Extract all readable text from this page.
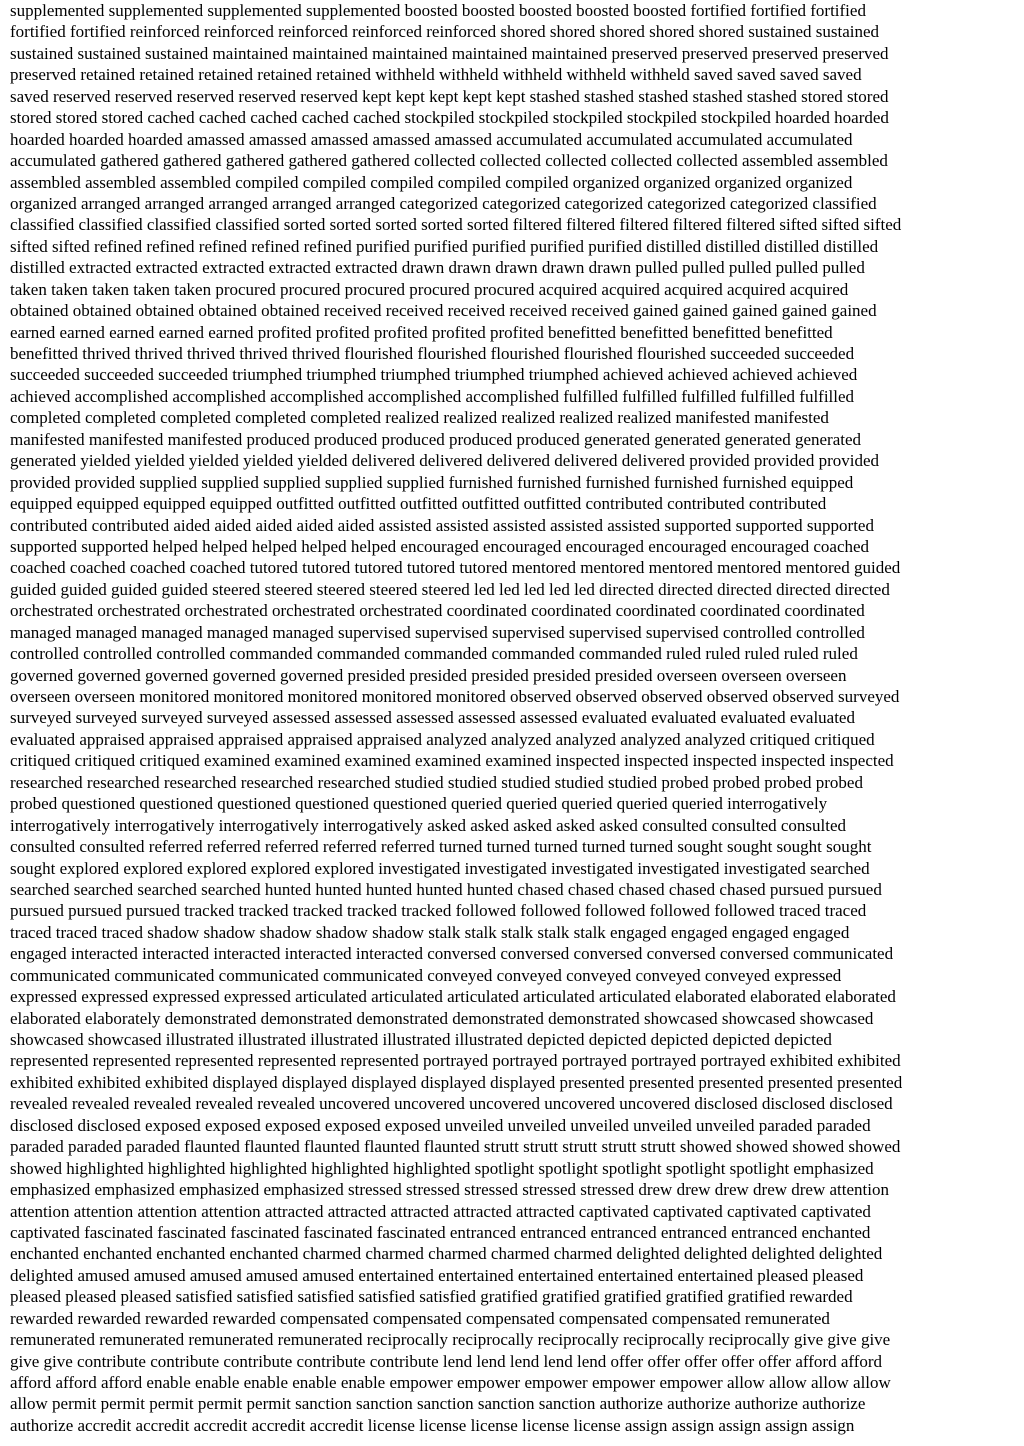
supplemented supplemented supplemented supplemented boosted boosted boosted boosted boosted fortified fortified fortified
fortified fortified reinforced reinforced reinforced reinforced reinforced shored shored shored shored shored sustained sustained
sustained sustained sustained maintained maintained maintained maintained maintained preserved preserved preserved preserved
preserved retained retained retained retained retained withheld withheld withheld withheld withheld saved saved saved saved
saved reserved reserved reserved reserved reserved kept kept kept kept kept stashed stashed stashed stashed stashed stored stored
stored stored stored cached cached cached cached cached stockpiled stockpiled stockpiled stockpiled stockpiled hoarded hoarded
hoarded hoarded hoarded amassed amassed amassed amassed amassed accumulated accumulated accumulated accumulated
accumulated gathered gathered gathered gathered gathered collected collected collected collected collected assembled assembled
assembled assembled assembled compiled compiled compiled compiled compiled organized organized organized organized
organized arranged arranged arranged arranged arranged categorized categorized categorized categorized categorized classified
classified classified classified classified sorted sorted sorted sorted sorted filtered filtered filtered filtered filtered sifted sifted sifted
sifted sifted refined refined refined refined refined purified purified purified purified purified distilled distilled distilled distilled
distilled extracted extracted extracted extracted extracted drawn drawn drawn drawn drawn pulled pulled pulled pulled pulled
taken taken taken taken taken procured procured procured procured procured acquired acquired acquired acquired acquired
obtained obtained obtained obtained obtained received received received received received gained gained gained gained gained
earned earned earned earned earned profited profited profited profited profited benefitted benefitted benefitted benefitted
benefitted thrived thrived thrived thrived thrived flourished flourished flourished flourished flourished succeeded succeeded
succeeded succeeded succeeded triumphed triumphed triumphed triumphed triumphed achieved achieved achieved achieved
achieved accomplished accomplished accomplished accomplished accomplished fulfilled fulfilled fulfilled fulfilled fulfilled
completed completed completed completed completed realized realized realized realized realized manifested manifested
manifested manifested manifested produced produced produced produced produced generated generated generated generated
generated yielded yielded yielded yielded yielded delivered delivered delivered delivered delivered provided provided provided
provided provided supplied supplied supplied supplied supplied furnished furnished furnished furnished furnished equipped
equipped equipped equipped equipped outfitted outfitted outfitted outfitted outfitted contributed contributed contributed
contributed contributed aided aided aided aided aided assisted assisted assisted assisted assisted supported supported supported
supported supported helped helped helped helped helped encouraged encouraged encouraged encouraged encouraged coached
coached coached coached coached tutored tutored tutored tutored tutored mentored mentored mentored mentored mentored guided
guided guided guided guided steered steered steered steered steered led led led led led directed directed directed directed directed
orchestrated orchestrated orchestrated orchestrated orchestrated coordinated coordinated coordinated coordinated coordinated
managed managed managed managed managed supervised supervised supervised supervised supervised controlled controlled
controlled controlled controlled commanded commanded commanded commanded commanded ruled ruled ruled ruled ruled
governed governed governed governed governed presided presided presided presided presided overseen overseen overseen
overseen overseen monitored monitored monitored monitored monitored observed observed observed observed observed surveyed
surveyed surveyed surveyed surveyed assessed assessed assessed assessed assessed evaluated evaluated evaluated evaluated
evaluated appraised appraised appraised appraised appraised analyzed analyzed analyzed analyzed analyzed critiqued critiqued
critiqued critiqued critiqued examined examined examined examined examined inspected inspected inspected inspected inspected
researched researched researched researched researched studied studied studied studied studied probed probed probed probed
probed questioned questioned questioned questioned questioned queried queried queried queried queried interrogatively
interrogatively interrogatively interrogatively interrogatively asked asked asked asked asked consulted consulted consulted
consulted consulted referred referred referred referred referred turned turned turned turned turned sought sought sought sought
sought explored explored explored explored explored investigated investigated investigated investigated investigated searched
searched searched searched searched hunted hunted hunted hunted hunted chased chased chased chased chased pursued pursued
pursued pursued pursued tracked tracked tracked tracked tracked followed followed followed followed followed traced traced
traced traced traced shadow shadow shadow shadow shadow stalk stalk stalk stalk stalk engaged engaged engaged engaged
engaged interacted interacted interacted interacted interacted conversed conversed conversed conversed conversed communicated
communicated communicated communicated communicated conveyed conveyed conveyed conveyed conveyed expressed
expressed expressed expressed expressed articulated articulated articulated articulated articulated elaborated elaborated elaborated
elaborated elaborately demonstrated demonstrated demonstrated demonstrated demonstrated showcased showcased showcased
showcased showcased illustrated illustrated illustrated illustrated illustrated depicted depicted depicted depicted depicted
represented represented represented represented represented portrayed portrayed portrayed portrayed portrayed exhibited exhibited
exhibited exhibited exhibited displayed displayed displayed displayed displayed presented presented presented presented presented
revealed revealed revealed revealed revealed uncovered uncovered uncovered uncovered uncovered disclosed disclosed disclosed
disclosed disclosed exposed exposed exposed exposed exposed unveiled unveiled unveiled unveiled unveiled paraded paraded
paraded paraded paraded flaunted flaunted flaunted flaunted flaunted strutt strutt strutt strutt strutt showed showed showed showed
showed highlighted highlighted highlighted highlighted highlighted spotlight spotlight spotlight spotlight spotlight emphasized
emphasized emphasized emphasized emphasized stressed stressed stressed stressed stressed drew drew drew drew drew attention
attention attention attention attention attracted attracted attracted attracted attracted captivated captivated captivated captivated
captivated fascinated fascinated fascinated fascinated fascinated entranced entranced entranced entranced entranced enchanted
enchanted enchanted enchanted enchanted charmed charmed charmed charmed charmed delighted delighted delighted delighted
delighted amused amused amused amused amused entertained entertained entertained entertained entertained pleased pleased
pleased pleased pleased satisfied satisfied satisfied satisfied satisfied gratified gratified gratified gratified gratified rewarded
rewarded rewarded rewarded rewarded compensated compensated compensated compensated compensated remunerated
remunerated remunerated remunerated remunerated reciprocally reciprocally reciprocally reciprocally reciprocally give give give
give give contribute contribute contribute contribute contribute lend lend lend lend lend offer offer offer offer offer afford afford
afford afford afford enable enable enable enable enable empower empower empower empower empower allow allow allow allow
allow permit permit permit permit permit sanction sanction sanction sanction sanction authorize authorize authorize authorize
authorize accredit accredit accredit accredit accredit license license license license license assign assign assign assign assign
